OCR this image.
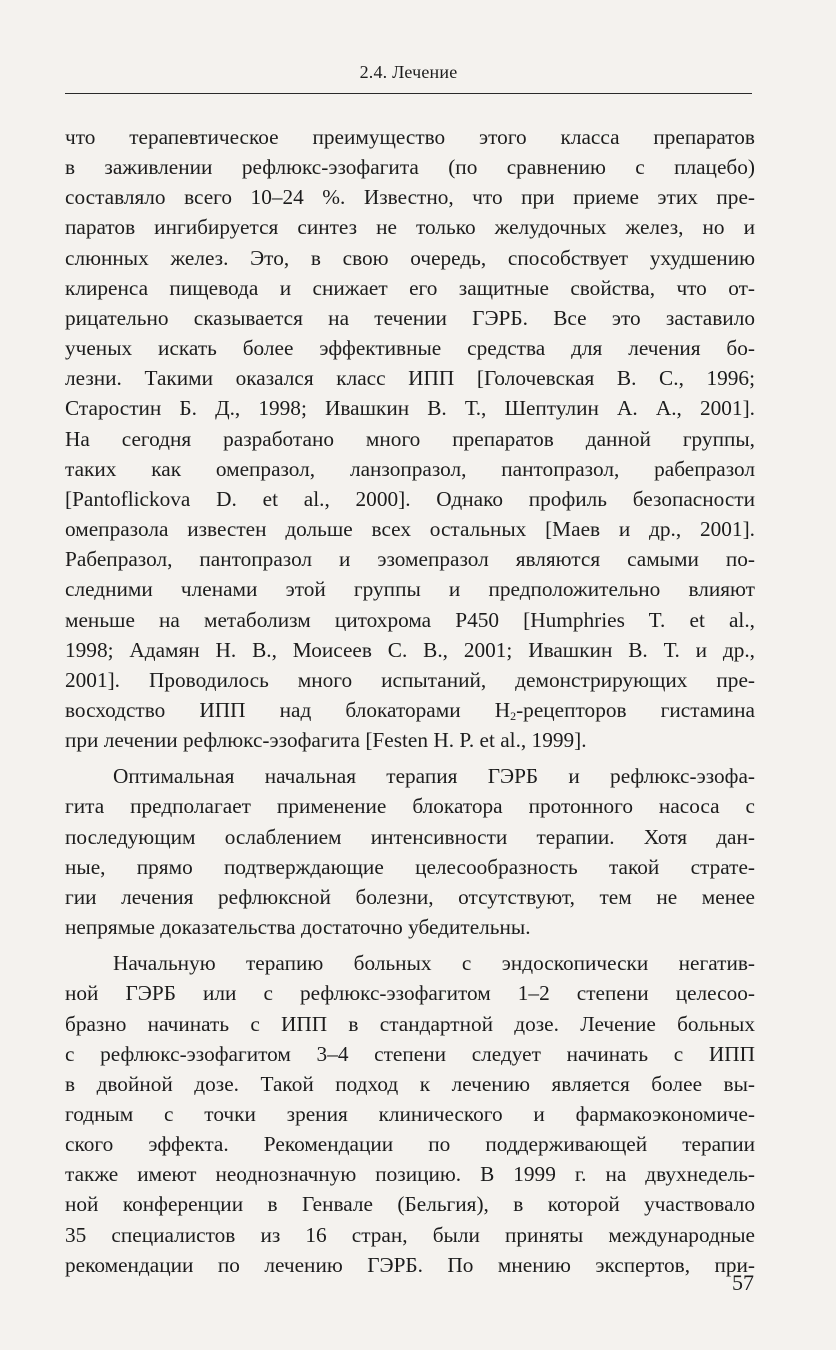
2.4. Лечение
что терапевтическое преимущество этого класса препаратов
в заживлении рефлюкс-эзофагита (по сравнению с плацебо)
составляло всего 10–24 %. Известно, что при приеме этих пре-
паратов ингибируется синтез не только желудочных желез, но и
слюнных желез. Это, в свою очередь, способствует ухудшению
клиренса пищевода и снижает его защитные свойства, что от-
рицательно сказывается на течении ГЭРБ. Все это заставило
ученых искать более эффективные средства для лечения бо-
лезни. Такими оказался класс ИПП [Голочевская В. С., 1996;
Старостин Б. Д., 1998; Ивашкин В. Т., Шептулин А. А., 2001].
На сегодня разработано много препаратов данной группы,
таких как омепразол, ланзопразол, пантопразол, рабепразол
[Pantoflickova D. et al., 2000]. Однако профиль безопасности
омепразола известен дольше всех остальных [Маев и др., 2001].
Рабепразол, пантопразол и эзомепразол являются самыми по-
следними членами этой группы и предположительно влияют
меньше на метаболизм цитохрома P450 [Humphries T. et al.,
1998; Адамян Н. В., Моисеев С. В., 2001; Ивашкин В. Т. и др.,
2001]. Проводилось много испытаний, демонстрирующих пре-
восходство ИПП над блокаторами $H_2$-рецепторов гистамина
при лечении рефлюкс-эзофагита [Festen H. P. et al., 1999].
Оптимальная начальная терапия ГЭРБ и рефлюкс-эзофа-
гита предполагает применение блокатора протонного насоса с
последующим ослаблением интенсивности терапии. Хотя дан-
ные, прямо подтверждающие целесообразность такой страте-
гии лечения рефлюксной болезни, отсутствуют, тем не менее
непрямые доказательства достаточно убедительны.
Начальную терапию больных с эндоскопически негатив-
ной ГЭРБ или с рефлюкс-эзофагитом 1–2 степени целесоо-
бразно начинать с ИПП в стандартной дозе. Лечение больных
с рефлюкс-эзофагитом 3–4 степени следует начинать с ИПП
в двойной дозе. Такой подход к лечению является более вы-
годным с точки зрения клинического и фармакоэкономиче-
ского эффекта. Рекомендации по поддерживающей терапии
также имеют неоднозначную позицию. В 1999 г. на двухнедель-
ной конференции в Генвале (Бельгия), в которой участвовало
35 специалистов из 16 стран, были приняты международные
рекомендации по лечению ГЭРБ. По мнению экспертов, при-
57
